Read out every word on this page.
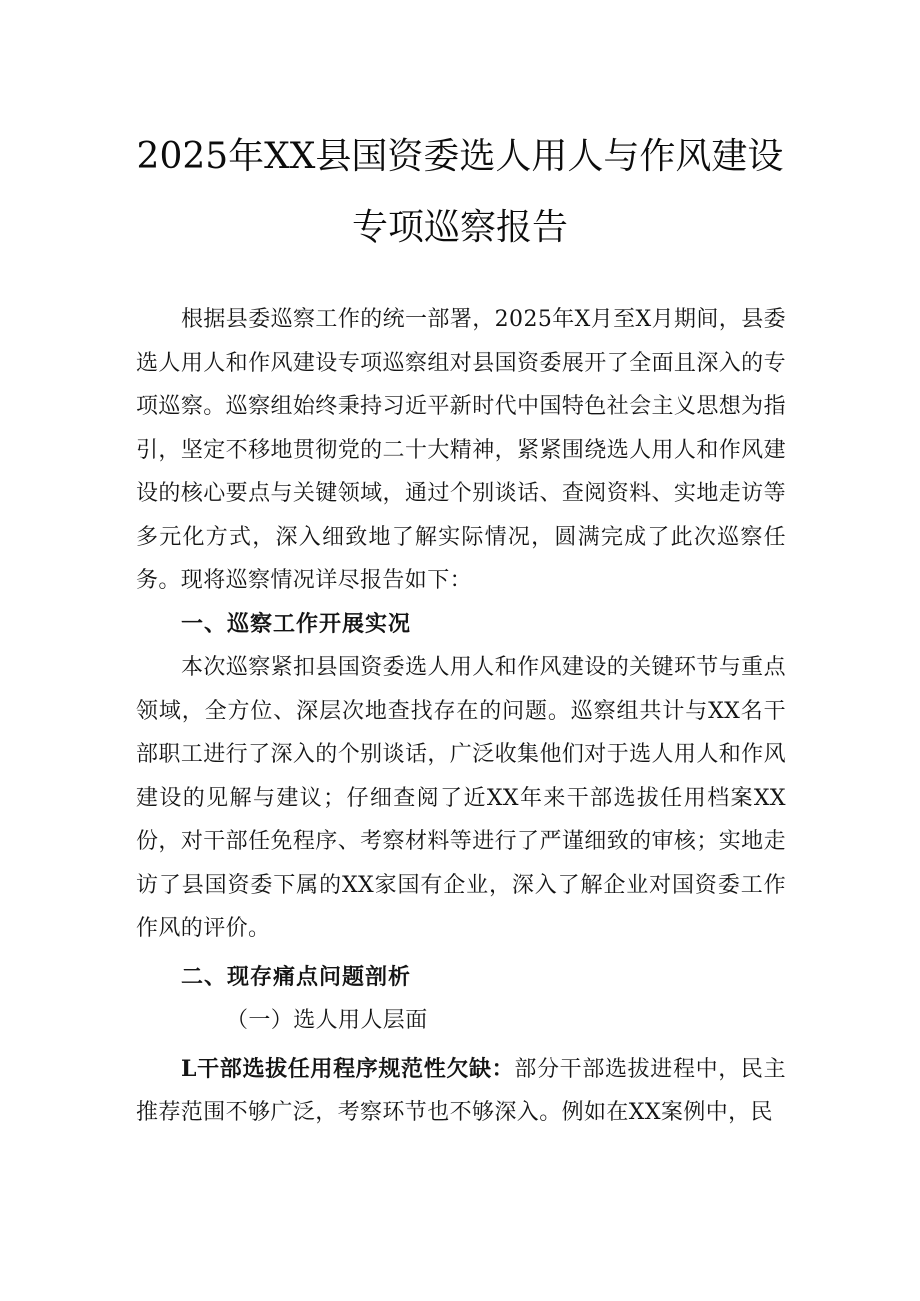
2025年XX县国资委选人用人与作风建设
专项巡察报告

根据县委巡察工作的统一部署，2025年X月至X月期间，县委选人用人和作风建设专项巡察组对县国资委展开了全面且深入的专项巡察。巡察组始终秉持习近平新时代中国特色社会主义思想为指引，坚定不移地贯彻党的二十大精神，紧紧围绕选人用人和作风建设的核心要点与关键领域，通过个别谈话、查阅资料、实地走访等多元化方式，深入细致地了解实际情况，圆满完成了此次巡察任务。现将巡察情况详尽报告如下：

一、巡察工作开展实况

本次巡察紧扣县国资委选人用人和作风建设的关键环节与重点领域，全方位、深层次地查找存在的问题。巡察组共计与XX名干部职工进行了深入的个别谈话，广泛收集他们对于选人用人和作风建设的见解与建议；仔细查阅了近XX年来干部选拔任用档案XX份，对干部任免程序、考察材料等进行了严谨细致的审核；实地走访了县国资委下属的XX家国有企业，深入了解企业对国资委工作作风的评价。

二、现存痛点问题剖析

（一）选人用人层面

L干部选拔任用程序规范性欠缺：部分干部选拔进程中，民主推荐范围不够广泛，考察环节也不够深入。例如在XX案例中，民
